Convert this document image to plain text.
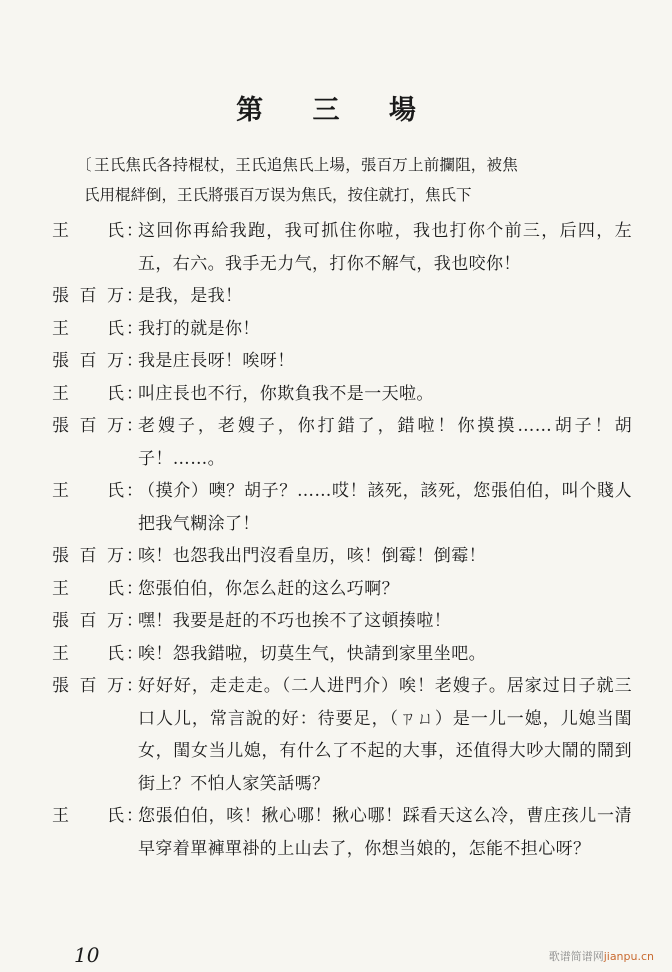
第 三 場
〔 王氏焦氏各持棍杖，王氏追焦氏上場，張百万上前攔阻，被焦
氏用棍絆倒，王氏將張百万误为焦氏，按住就打，焦氏下
王 氏 ：
这回你再給我跑，我可抓住你啦，我也打你个前三，后四，左五，右六。我手无力气，打你不解气，我也咬你！
張 百 万 ：
是我，是我！
王 氏 ：
我打的就是你！
張 百 万 ：
我是庄長呀！唉呀！
王 氏 ：
叫庄長也不行，你欺負我不是一天啦。
張 百 万 ：
老嫂子，老嫂子，你打錯了，錯啦！你摸摸……胡子！胡子！……。
王 氏 ：
（摸介）噢？胡子？……哎！該死，該死，您張伯伯，叫个賤人把我气糊涂了！
張 百 万 ：
咳！也怨我出門沒看皇历，咳！倒霉！倒霉！
王 氏 ：
您張伯伯，你怎么赶的这么巧啊？
張 百 万 ：
嘿！我要是赶的不巧也挨不了这頓揍啦！
王 氏 ：
唉！怨我錯啦，切莫生气，快請到家里坐吧。
張 百 万 ：
好好好，走走走。（二人进門介）唉！老嫂子。居家过日子就三口人儿，常言說的好：待要足，（ㄗㄩ）是一儿一媳，儿媳当閨女，閨女当儿媳，有什么了不起的大事，还值得大吵大鬧的鬧到街上？不怕人家笑話嗎？
王 氏 ：
您張伯伯，咳！揪心哪！揪心哪！踩看天这么冷，曹庄孩儿一清早穿着單褲單褂的上山去了，你想当娘的，怎能不担心呀？
10	歌谱简谱网jianpu.cn
